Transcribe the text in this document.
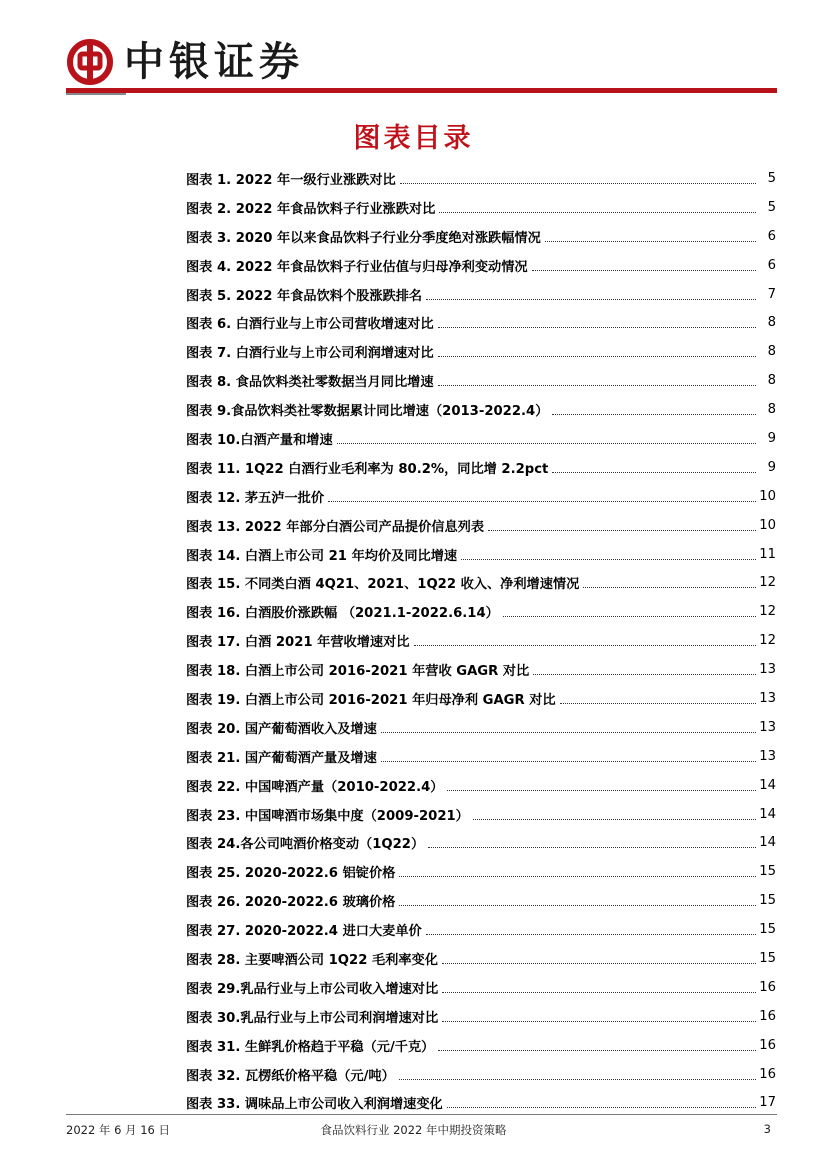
中银证券
图表目录
图表 1. 2022 年一级行业涨跌对比	5
图表 2. 2022 年食品饮料子行业涨跌对比	5
图表 3. 2020 年以来食品饮料子行业分季度绝对涨跌幅情况	6
图表 4. 2022 年食品饮料子行业估值与归母净利变动情况	6
图表 5. 2022 年食品饮料个股涨跌排名	7
图表 6. 白酒行业与上市公司营收增速对比	8
图表 7. 白酒行业与上市公司利润增速对比	8
图表 8. 食品饮料类社零数据当月同比增速	8
图表 9.食品饮料类社零数据累计同比增速（2013-2022.4）	8
图表 10.白酒产量和增速	9
图表 11. 1Q22 白酒行业毛利率为 80.2%，同比增 2.2pct	9
图表 12. 茅五泸一批价	10
图表 13. 2022 年部分白酒公司产品提价信息列表	10
图表 14. 白酒上市公司 21 年均价及同比增速	11
图表 15. 不同类白酒 4Q21、2021、1Q22 收入、净利增速情况	12
图表 16. 白酒股价涨跌幅 （2021.1-2022.6.14）	12
图表 17. 白酒 2021 年营收增速对比	12
图表 18. 白酒上市公司 2016-2021 年营收 GAGR 对比	13
图表 19. 白酒上市公司 2016-2021 年归母净利 GAGR 对比	13
图表 20. 国产葡萄酒收入及增速	13
图表 21. 国产葡萄酒产量及增速	13
图表 22. 中国啤酒产量（2010-2022.4）	14
图表 23. 中国啤酒市场集中度（2009-2021）	14
图表 24.各公司吨酒价格变动（1Q22）	14
图表 25. 2020-2022.6 铝锭价格	15
图表 26. 2020-2022.6 玻璃价格	15
图表 27. 2020-2022.4 进口大麦单价	15
图表 28. 主要啤酒公司 1Q22 毛利率变化	15
图表 29.乳品行业与上市公司收入增速对比	16
图表 30.乳品行业与上市公司利润增速对比	16
图表 31. 生鲜乳价格趋于平稳（元/千克）	16
图表 32. 瓦楞纸价格平稳（元/吨）	16
图表 33. 调味品上市公司收入利润增速变化	17
2022 年 6 月 16 日	食品饮料行业 2022 年中期投资策略	3
